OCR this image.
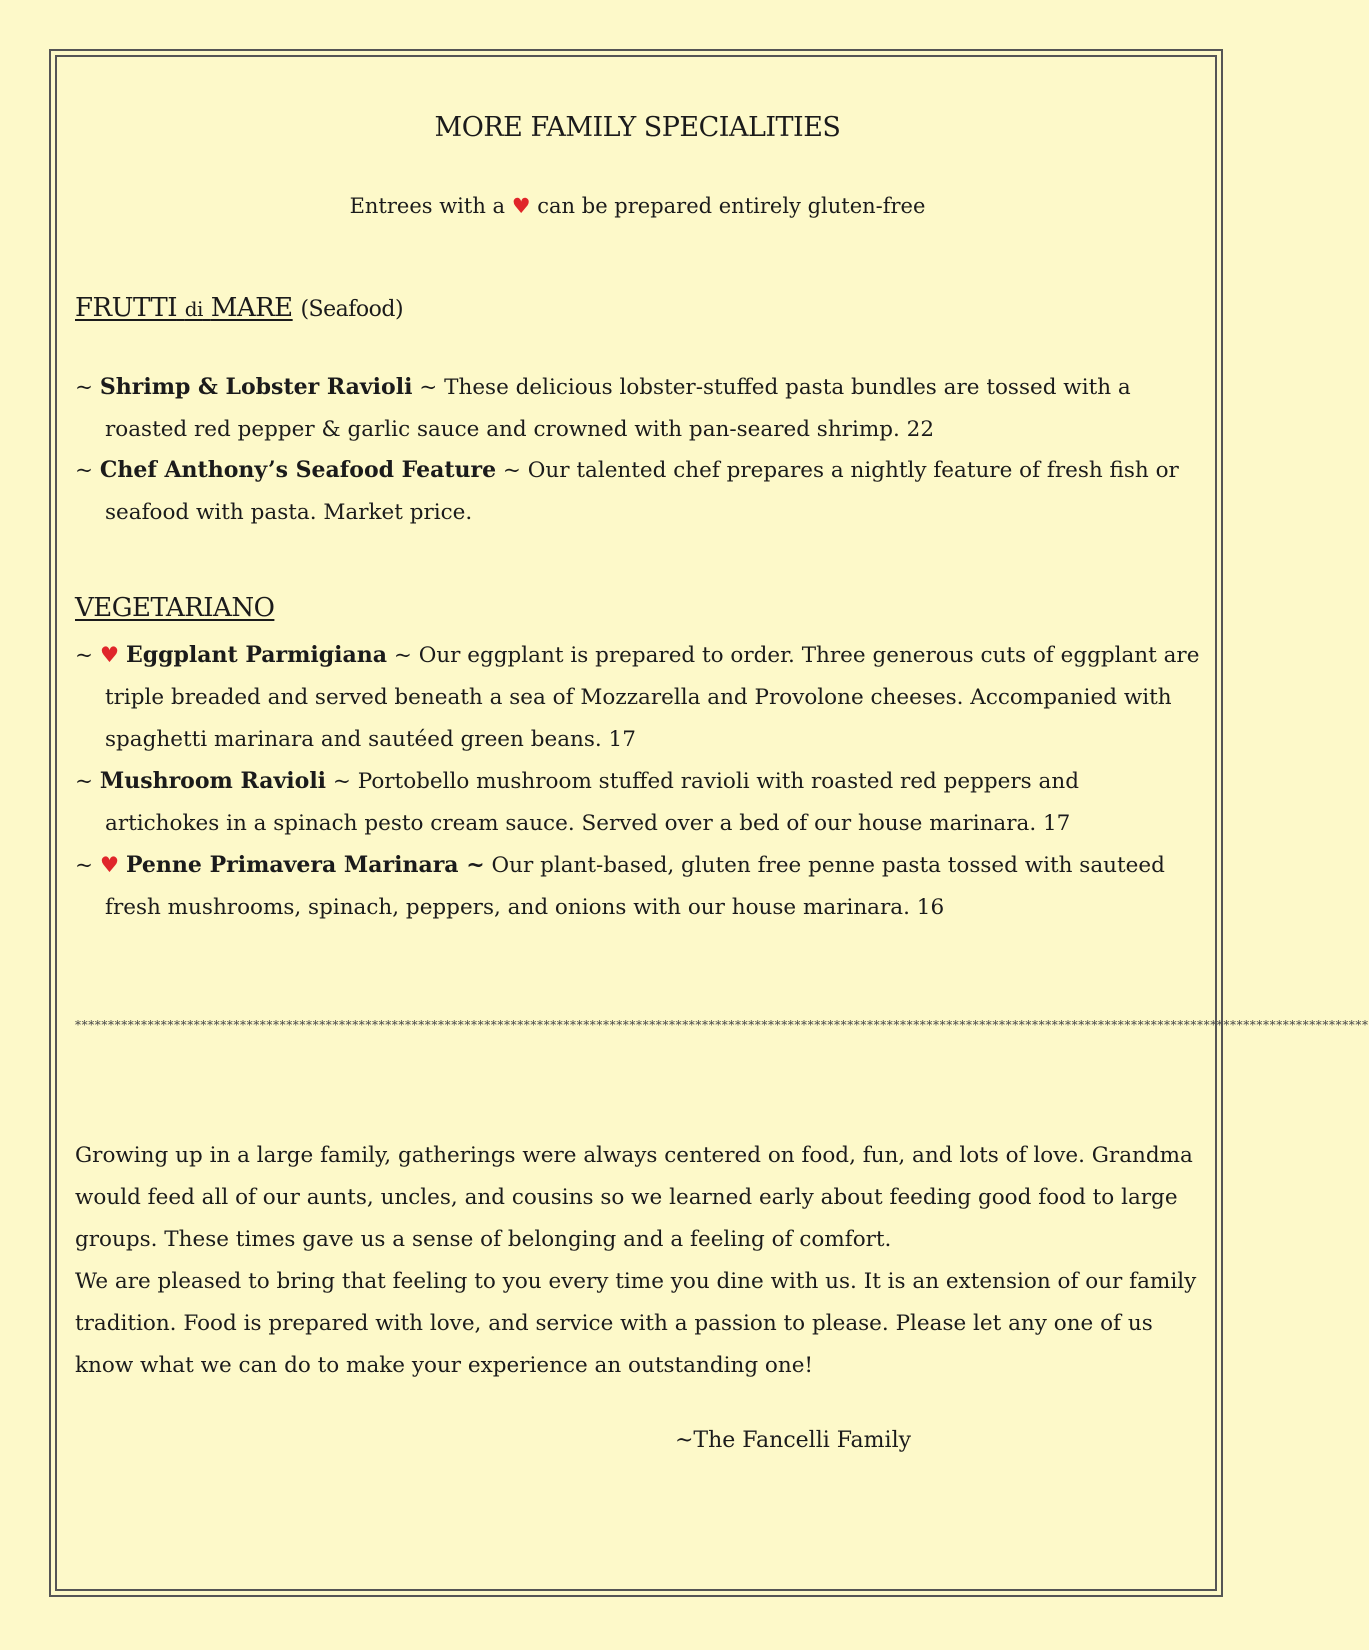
MORE FAMILY SPECIALITIES
Entrees with a ♥ can be prepared entirely gluten-free
FRUTTI di MARE (Seafood)
~ Shrimp & Lobster Ravioli ~ These delicious lobster-stuffed pasta bundles are tossed with a roasted red pepper & garlic sauce and crowned with pan-seared shrimp. 22
~ Chef Anthony’s Seafood Feature ~ Our talented chef prepares a nightly feature of fresh fish or seafood with pasta. Market price.
VEGETARIANO
~ ♥ Eggplant Parmigiana ~ Our eggplant is prepared to order. Three generous cuts of eggplant are triple breaded and served beneath a sea of Mozzarella and Provolone cheeses. Accompanied with spaghetti marinara and sautéed green beans. 17
~ Mushroom Ravioli ~ Portobello mushroom stuffed ravioli with roasted red peppers and artichokes in a spinach pesto cream sauce. Served over a bed of our house marinara. 17
~ ♥ Penne Primavera Marinara ~ Our plant-based, gluten free penne pasta tossed with sauteed fresh mushrooms, spinach, peppers, and onions with our house marinara. 16
****************************************************************************************************************************************************************************************************

Growing up in a large family, gatherings were always centered on food, fun, and lots of love. Grandma would feed all of our aunts, uncles, and cousins so we learned early about feeding good food to large groups. These times gave us a sense of belonging and a feeling of comfort.

We are pleased to bring that feeling to you every time you dine with us. It is an extension of our family tradition. Food is prepared with love, and service with a passion to please. Please let any one of us know what we can do to make your experience an outstanding one!

~The Fancelli Family
